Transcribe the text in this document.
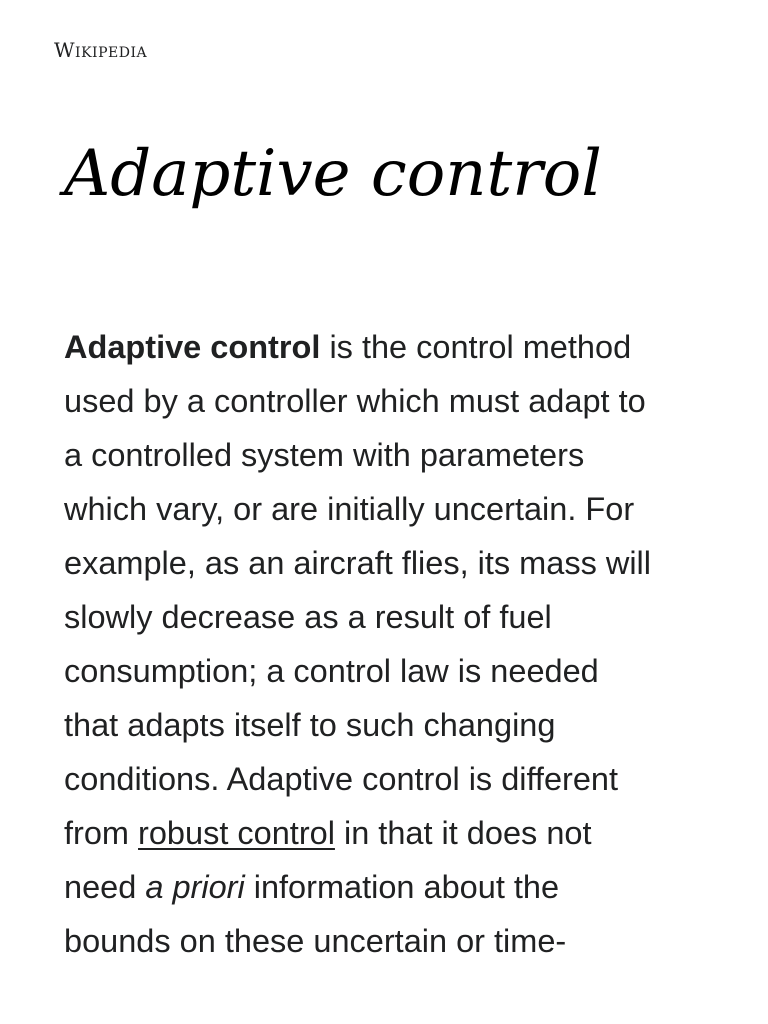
Wikipedia
Adaptive control
Adaptive control is the control method
used by a controller which must adapt to
a controlled system with parameters
which vary, or are initially uncertain. For
example, as an aircraft flies, its mass will
slowly decrease as a result of fuel
consumption; a control law is needed
that adapts itself to such changing
conditions. Adaptive control is different
from robust control in that it does not
need a priori information about the
bounds on these uncertain or time-
